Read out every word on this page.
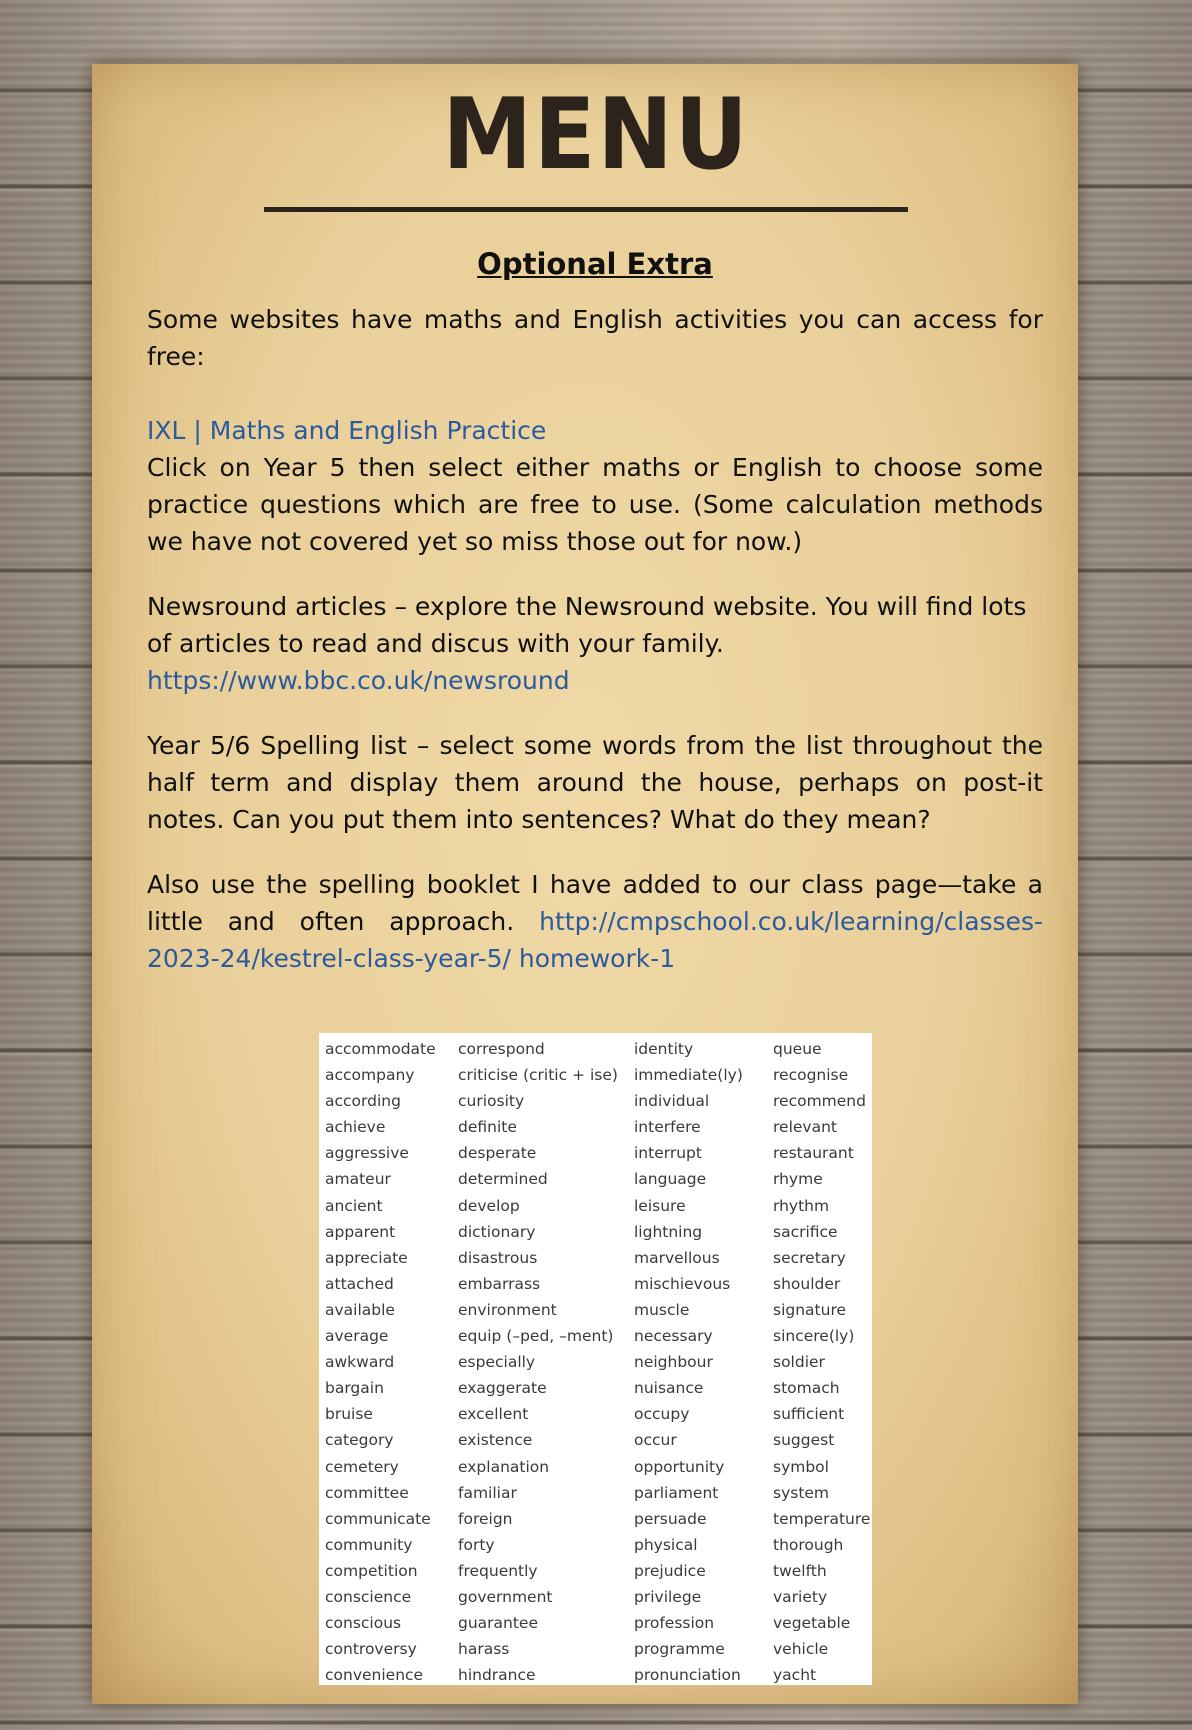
MENU
Optional Extra

Some websites have maths and English activities you can access for free:

IXL | Maths and English Practice

Click on Year 5 then select either maths or English to choose some practice questions which are free to use. (Some calculation methods we have not covered yet so miss those out for now.)

Newsround articles – explore the Newsround website. You will find lots of articles to read and discus with your family.

https://www.bbc.co.uk/newsround

Year 5/6 Spelling list – select some words from the list throughout the half term and display them around the house, perhaps on post-it notes. Can you put them into sentences? What do they mean?

Also use the spelling booklet I have added to our class page—take a little and often approach. http://cmpschool.co.uk/learning/classes-2023-24/kestrel-class-year-5/ homework-1

accommodate
accompany
according
achieve
aggressive
amateur
ancient
apparent
appreciate
attached
available
average
awkward
bargain
bruise
category
cemetery
committee
communicate
community
competition
conscience
conscious
controversy
convenience
correspond
criticise (critic + ise)
curiosity
definite
desperate
determined
develop
dictionary
disastrous
embarrass
environment
equip (–ped, –ment)
especially
exaggerate
excellent
existence
explanation
familiar
foreign
forty
frequently
government
guarantee
harass
hindrance
identity
immediate(ly)
individual
interfere
interrupt
language
leisure
lightning
marvellous
mischievous
muscle
necessary
neighbour
nuisance
occupy
occur
opportunity
parliament
persuade
physical
prejudice
privilege
profession
programme
pronunciation
queue
recognise
recommend
relevant
restaurant
rhyme
rhythm
sacrifice
secretary
shoulder
signature
sincere(ly)
soldier
stomach
sufficient
suggest
symbol
system
temperature
thorough
twelfth
variety
vegetable
vehicle
yacht
